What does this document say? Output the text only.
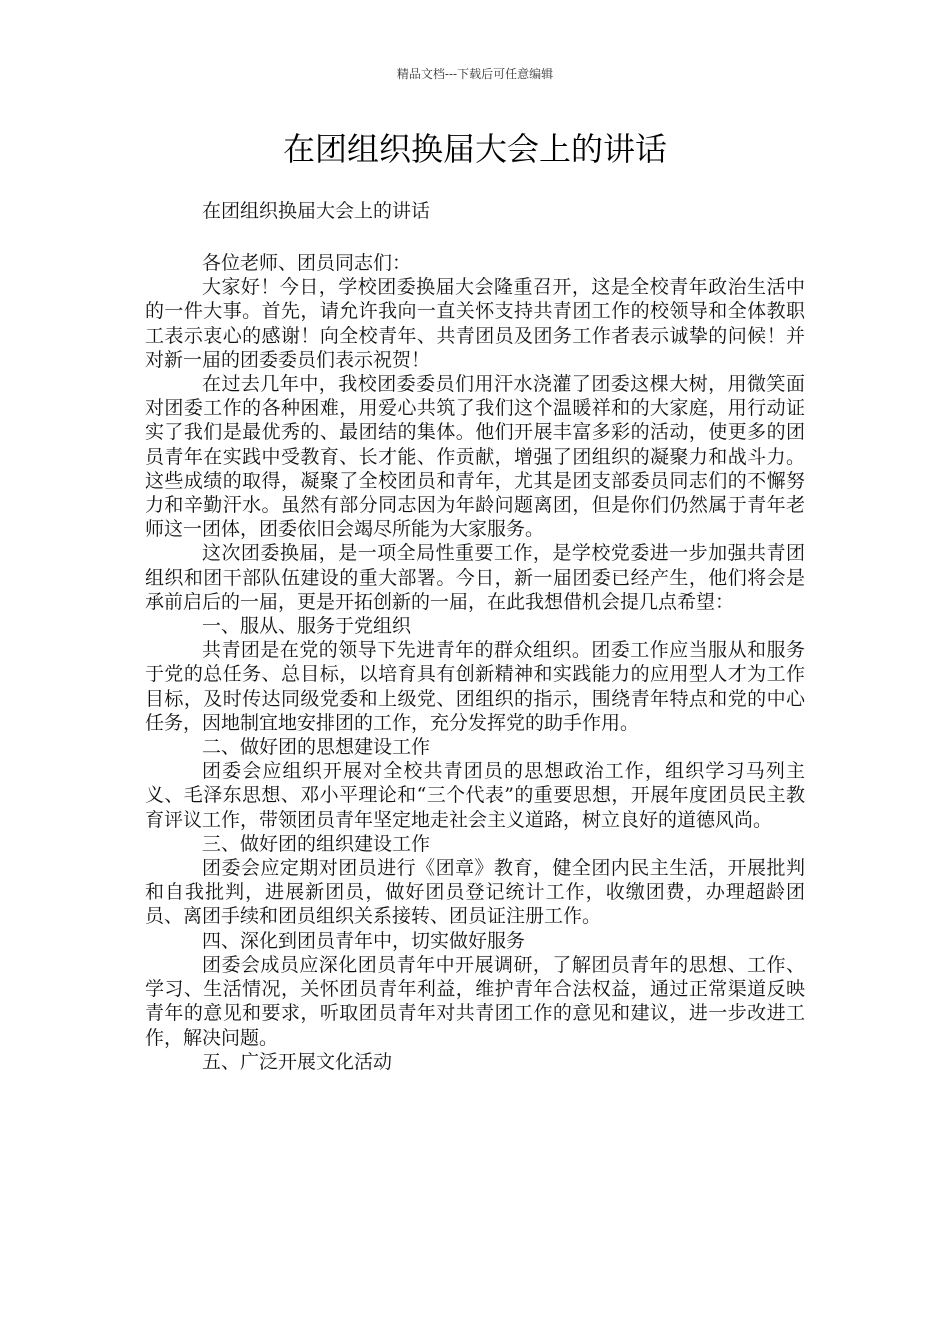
精品文档---下载后可任意编辑
在团组织换届大会上的讲话

在团组织换届大会上的讲话

各位老师、团员同志们：

大家好！今日，学校团委换届大会隆重召开，这是全校青年政治生活中的一件大事。首先，请允许我向一直关怀支持共青团工作的校领导和全体教职工表示衷心的感谢！向全校青年、共青团员及团务工作者表示诚挚的问候！并对新一届的团委委员们表示祝贺！

在过去几年中，我校团委委员们用汗水浇灌了团委这棵大树，用微笑面对团委工作的各种困难，用爱心共筑了我们这个温暖祥和的大家庭，用行动证实了我们是最优秀的、最团结的集体。他们开展丰富多彩的活动，使更多的团员青年在实践中受教育、长才能、作贡献，增强了团组织的凝聚力和战斗力。这些成绩的取得，凝聚了全校团员和青年，尤其是团支部委员同志们的不懈努力和辛勤汗水。虽然有部分同志因为年龄问题离团，但是你们仍然属于青年老师这一团体，团委依旧会竭尽所能为大家服务。

这次团委换届，是一项全局性重要工作，是学校党委进一步加强共青团组织和团干部队伍建设的重大部署。今日，新一届团委已经产生，他们将会是承前启后的一届，更是开拓创新的一届，在此我想借机会提几点希望：

一、服从、服务于党组织

共青团是在党的领导下先进青年的群众组织。团委工作应当服从和服务于党的总任务、总目标，以培育具有创新精神和实践能力的应用型人才为工作目标，及时传达同级党委和上级党、团组织的指示，围绕青年特点和党的中心任务，因地制宜地安排团的工作，充分发挥党的助手作用。

二、做好团的思想建设工作

团委会应组织开展对全校共青团员的思想政治工作，组织学习马列主义、毛泽东思想、邓小平理论和“三个代表”的重要思想，开展年度团员民主教育评议工作，带领团员青年坚定地走社会主义道路，树立良好的道德风尚。

三、做好团的组织建设工作

团委会应定期对团员进行《团章》教育，健全团内民主生活，开展批判和自我批判，进展新团员，做好团员登记统计工作，收缴团费，办理超龄团员、离团手续和团员组织关系接转、团员证注册工作。

四、深化到团员青年中，切实做好服务

团委会成员应深化团员青年中开展调研，了解团员青年的思想、工作、学习、生活情况，关怀团员青年利益，维护青年合法权益，通过正常渠道反映青年的意见和要求，听取团员青年对共青团工作的意见和建议，进一步改进工作，解决问题。

五、广泛开展文化活动
